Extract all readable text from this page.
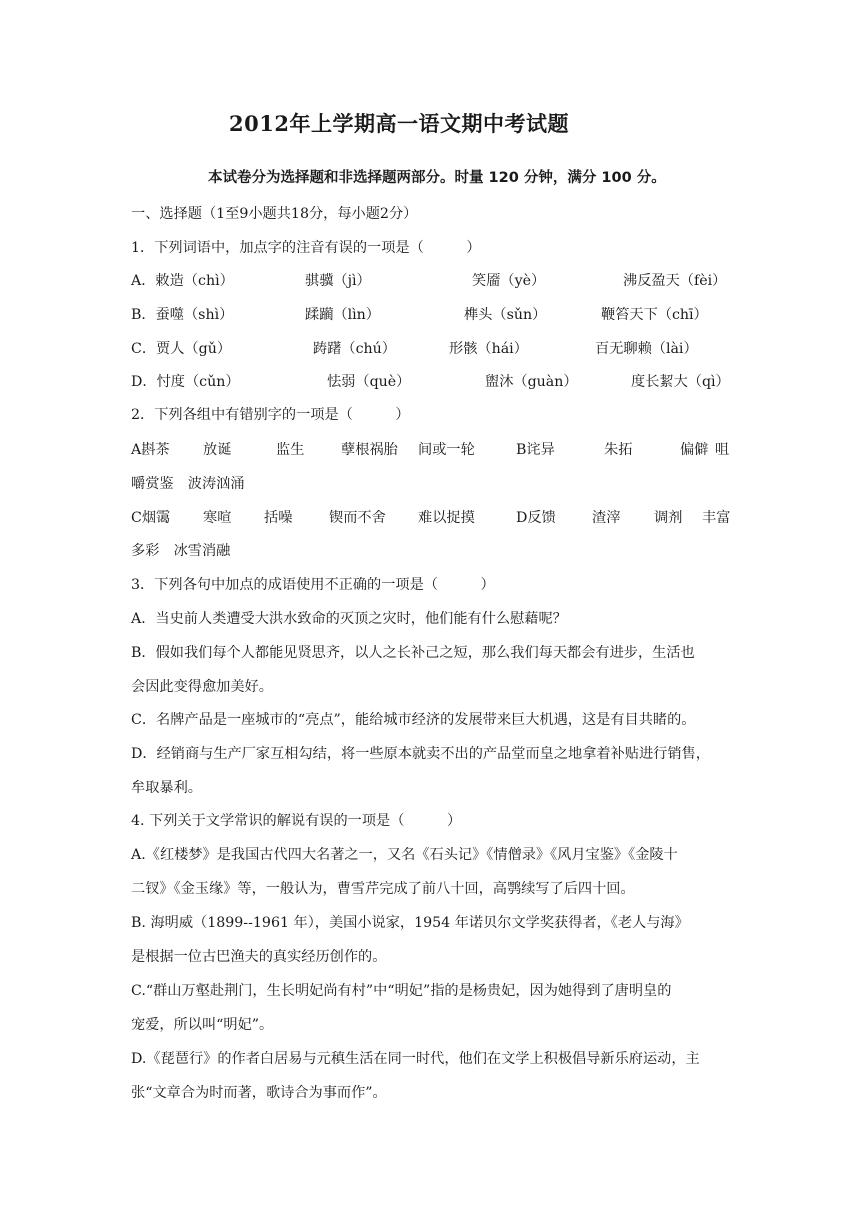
2012年上学期高一语文期中考试题
本试卷分为选择题和非选择题两部分。时量 120 分钟，满分 100 分。
一、选择题（1至9小题共18分，每小题2分）
1．下列词语中，加点字的注音有误的一项是（　　　）
A．敕造（chì）	骐骥（jì）	笑靥（yè）	沸反盈天（fèi）
B．蚕噬（shì）	蹂躏（lìn）	榫头（sǔn）	鞭笞天下（chī）
C．贾人（gǔ）	踌躇（chú）	形骸（hái）	百无聊赖（lài）
D．忖度（cǔn）	怯弱（què）	盥沐（guàn）	度长絜大（qì）
2．下列各组中有错别字的一项是（　　　）
A斟茶 放诞	监生	孽根祸胎 间或一轮	B诧异	朱拓	偏僻 咀
嚼赏鉴　波涛汹涌
C烟霭 寒喧 括噪	锲而不舍 难以捉摸	D反馈	渣滓 调剂 丰富
多彩　冰雪消融
3．下列各句中加点的成语使用不正确的一项是（　　　）
A．当史前人类遭受大洪水致命的灭顶之灾时，他们能有什么慰藉呢？
B．假如我们每个人都能见贤思齐，以人之长补己之短，那么我们每天都会有进步，生活也
会因此变得愈加美好。
C．名牌产品是一座城市的“亮点”，能给城市经济的发展带来巨大机遇，这是有目共睹的。
D．经销商与生产厂家互相勾结，将一些原本就卖不出的产品堂而皇之地拿着补贴进行销售，
牟取暴利。
4. 下列关于文学常识的解说有误的一项是（　　　）
A.《红楼梦》是我国古代四大名著之一，又名《石头记》《情僧录》《风月宝鉴》《金陵十
二钗》《金玉缘》等，一般认为，曹雪芹完成了前八十回，高鹗续写了后四十回。
B. 海明威（1899--1961 年），美国小说家，1954 年诺贝尔文学奖获得者，《老人与海》
是根据一位古巴渔夫的真实经历创作的。
C.“群山万壑赴荆门，生长明妃尚有村”中“明妃”指的是杨贵妃，因为她得到了唐明皇的
宠爱，所以叫“明妃”。
D.《琵琶行》的作者白居易与元稹生活在同一时代，他们在文学上积极倡导新乐府运动，主
张“文章合为时而著，歌诗合为事而作”。
